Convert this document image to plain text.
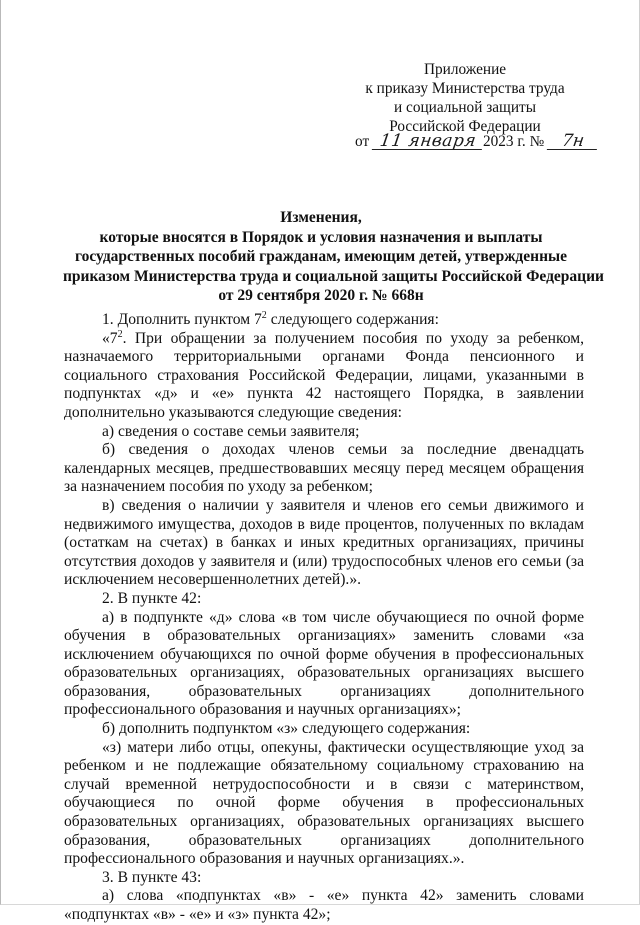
Приложение
к приказу Министерства труда
и социальной защиты
Российской Федерации
от 11 января 2023 г. № 7н
Изменения,
которые вносятся в Порядок и условия назначения и выплаты
государственных пособий гражданам, имеющим детей, утвержденные
приказом Министерства труда и социальной защиты Российской Федерации
от 29 сентября 2020 г. № 668н

1. Дополнить пунктом $7^2$ следующего содержания:

«$7^2$. При обращении за получением пособия по уходу за ребенком, назначаемого территориальными органами Фонда пенсионного и социального страхования Российской Федерации, лицами, указанными в подпунктах «д» и «е» пункта 42 настоящего Порядка, в заявлении дополнительно указываются следующие сведения:

а) сведения о составе семьи заявителя;

б) сведения о доходах членов семьи за последние двенадцать календарных месяцев, предшествовавших месяцу перед месяцем обращения за назначением пособия по уходу за ребенком;

в) сведения о наличии у заявителя и членов его семьи движимого и недвижимого имущества, доходов в виде процентов, полученных по вкладам (остаткам на счетах) в банках и иных кредитных организациях, причины отсутствия доходов у заявителя и (или) трудоспособных членов его семьи (за исключением несовершеннолетних детей).».

2. В пункте 42:

а) в подпункте «д» слова «в том числе обучающиеся по очной форме обучения в образовательных организациях» заменить словами «за исключением обучающихся по очной форме обучения в профессиональных образовательных организациях, образовательных организациях высшего образования, образовательных организациях дополнительного профессионального образования и научных организациях»;

б) дополнить подпунктом «з» следующего содержания:

«з) матери либо отцы, опекуны, фактически осуществляющие уход за ребенком и не подлежащие обязательному социальному страхованию на случай временной нетрудоспособности и в связи с материнством, обучающиеся по очной форме обучения в профессиональных образовательных организациях, образовательных организациях высшего образования, образовательных организациях дополнительного профессионального образования и научных организациях.».

3. В пункте 43:

а) слова «подпунктах «в» - «е» пункта 42» заменить словами «подпунктах «в» - «е» и «з» пункта 42»;
